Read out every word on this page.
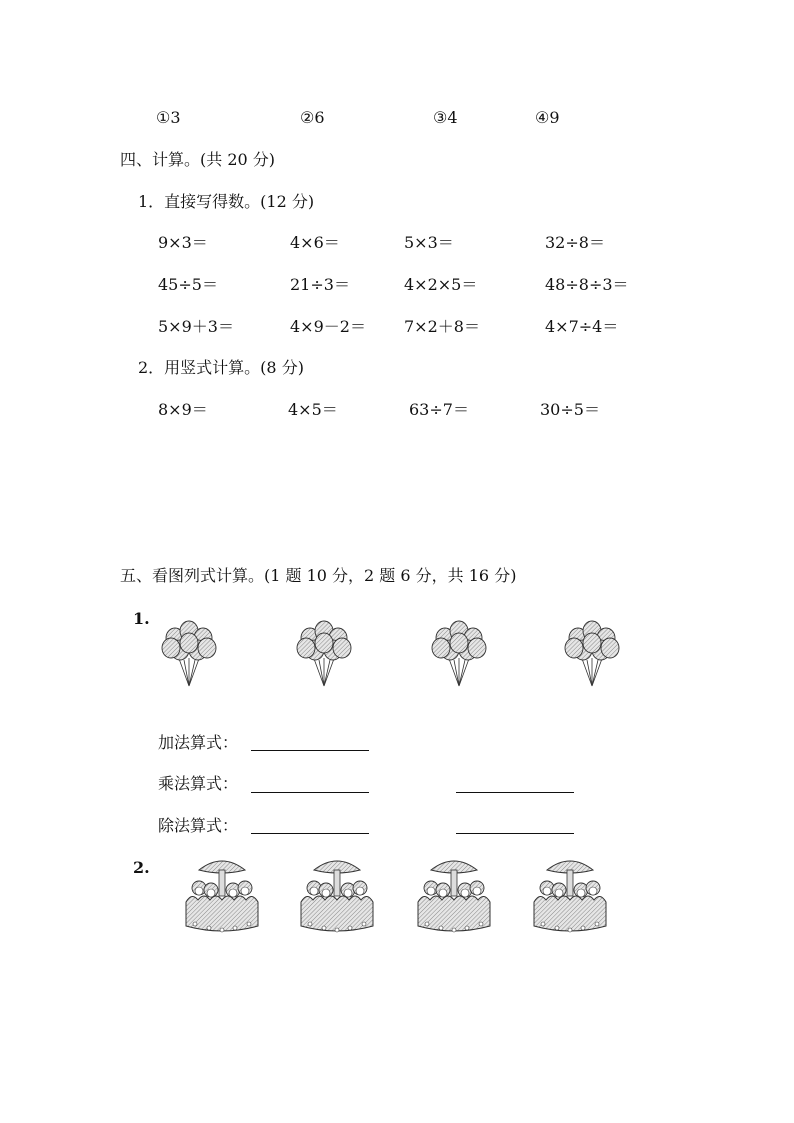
①3	②6	③4	④9
四、计算。(共 20 分)
1．直接写得数。(12 分)
9×3＝	4×6＝	5×3＝	32÷8＝
45÷5＝	21÷3＝	4×2×5＝	48÷8÷3＝
5×9＋3＝	4×9－2＝ 7×2＋8＝	4×7÷4＝
2．用竖式计算。(8 分)
8×9＝	4×5＝	63÷7＝	30÷5＝
五、看图列式计算。(1 题 10 分，2 题 6 分，共 16 分)
1.
加法算式：
乘法算式：
除法算式：
2.
